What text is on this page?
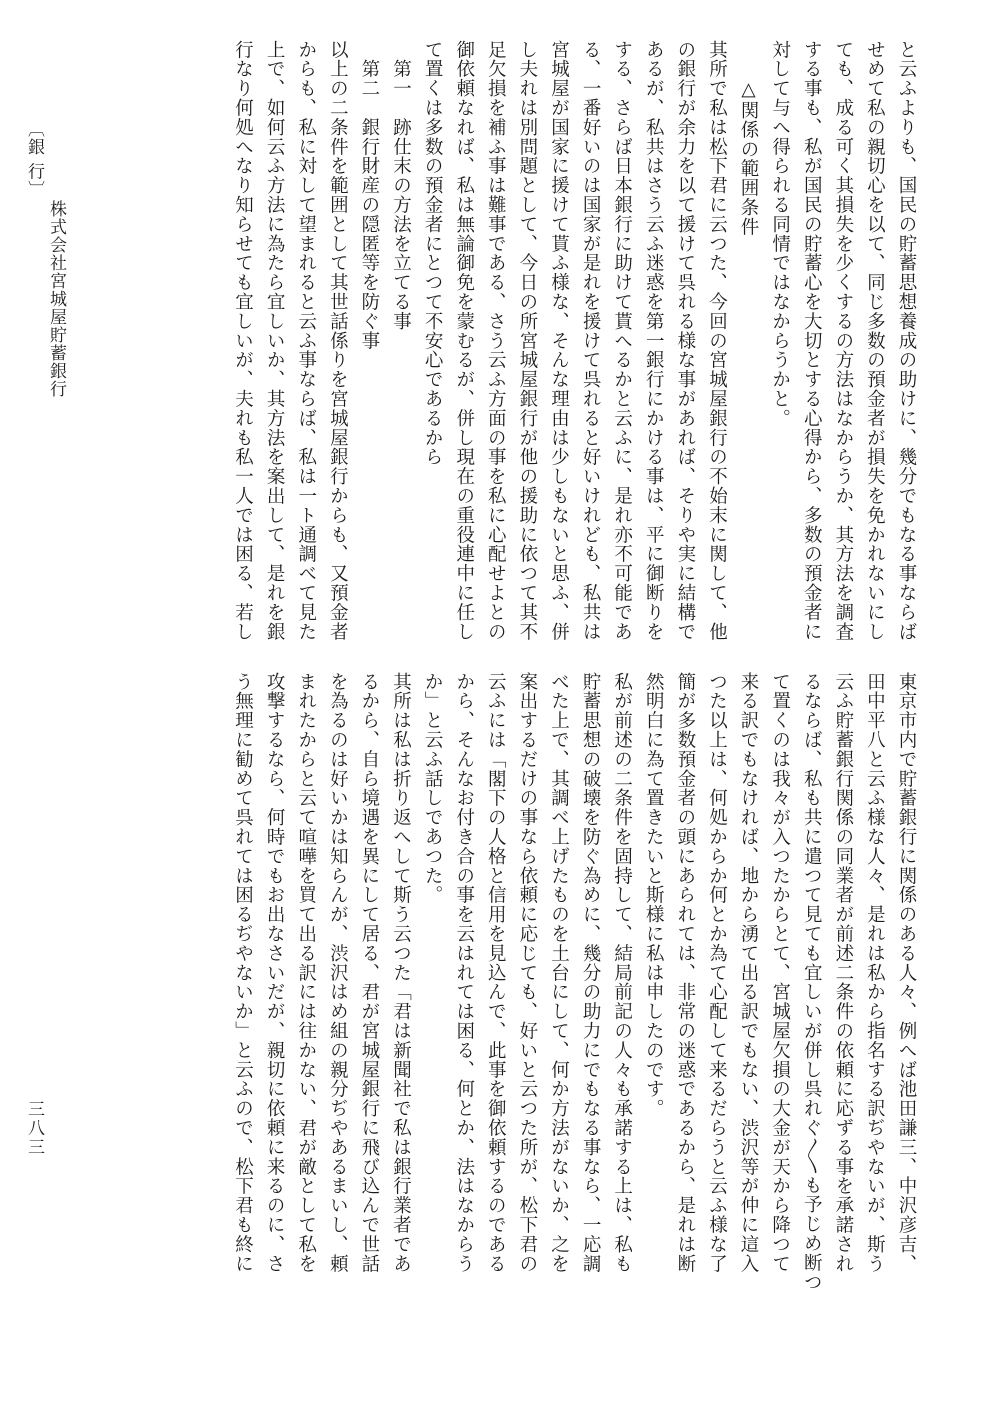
〔銀 行〕
株式会社宮城屋貯蓄銀行	と云ふよりも、国民の貯蓄思想養成の助けに、幾分でもなる事ならば
せめて私の親切心を以て、同じ多数の預金者が損失を免かれないにし
ても、成る可く其損失を少くするの方法はなからうか、其方法を調査
する事も、私が国民の貯蓄心を大切とする心得から、多数の預金者に
対して与へ得られる同情ではなからうかと。
　　△関係の範囲条件
其所で私は松下君に云つた、今回の宮城屋銀行の不始末に関して、他
の銀行が余力を以て援けて呉れる様な事があれば、そりや実に結構で
あるが、私共はさう云ふ迷惑を第一銀行にかける事は、平に御断りを
する、さらば日本銀行に助けて貰へるかと云ふに、是れ亦不可能であ
る、一番好いのは国家が是れを援けて呉れると好いけれども、私共は
宮城屋が国家に援けて貰ふ様な、そんな理由は少しもないと思ふ、併
し夫れは別問題として、今日の所宮城屋銀行が他の援助に依つて其不
足欠損を補ふ事は難事である、さう云ふ方面の事を私に心配せよとの
御依頼なれば、私は無論御免を蒙むるが、併し現在の重役連中に任し
て置くは多数の預金者にとつて不安心であるから
　第一　跡仕末の方法を立てる事
　第二　銀行財産の隠匿等を防ぐ事
以上の二条件を範囲として其世話係りを宮城屋銀行からも、又預金者
からも、私に対して望まれると云ふ事ならば、私は一ト通調べて見た
上で、如何云ふ方法に為たら宜しいか、其方法を案出して、是れを銀
行なり何処へなり知らせても宜しいが、夫れも私一人では困る、若し
東京市内で貯蓄銀行に関係のある人々、例へば池田謙三、中沢彦吉、
田中平八と云ふ様な人々、是れは私から指名する訳ぢやないが、斯う
云ふ貯蓄銀行関係の同業者が前述二条件の依頼に応ずる事を承諾され
るならば、私も共に遣つて見ても宜しいが併し呉れぐ〳〵も予じめ断つ
て置くのは我々が入つたからとて、宮城屋欠損の大金が天から降つて
来る訳でもなければ、地から湧て出る訳でもない、渋沢等が仲に這入
つた以上は、何処からか何とか為て心配して来るだらうと云ふ様な了
簡が多数預金者の頭にあられては、非常の迷惑であるから、是れは断
然明白に為て置きたいと斯様に私は申したのです。
私が前述の二条件を固持して、結局前記の人々も承諾する上は、私も
貯蓄思想の破壊を防ぐ為めに、幾分の助力にでもなる事なら、一応調
べた上で、其調べ上げたものを土台にして、何か方法がないか、之を
案出するだけの事なら依頼に応じても、好いと云つた所が、松下君の
云ふには「閣下の人格と信用を見込んで、此事を御依頼するのである
から、そんなお付き合の事を云はれては困る、何とか、法はなからう
か」と云ふ話しであつた。
其所は私は折り返へして斯う云つた「君は新聞社で私は銀行業者であ
るから、自ら境遇を異にして居る、君が宮城屋銀行に飛び込んで世話
を為るのは好いかは知らんが、渋沢はめ組の親分ぢやあるまいし、頼
まれたからと云て喧嘩を買て出る訳には往かない、君が敵として私を
攻撃するなら、何時でもお出なさいだが、親切に依頼に来るのに、さ
う無理に勧めて呉れては困るぢやないか」と云ふので、松下君も終に
三八三
